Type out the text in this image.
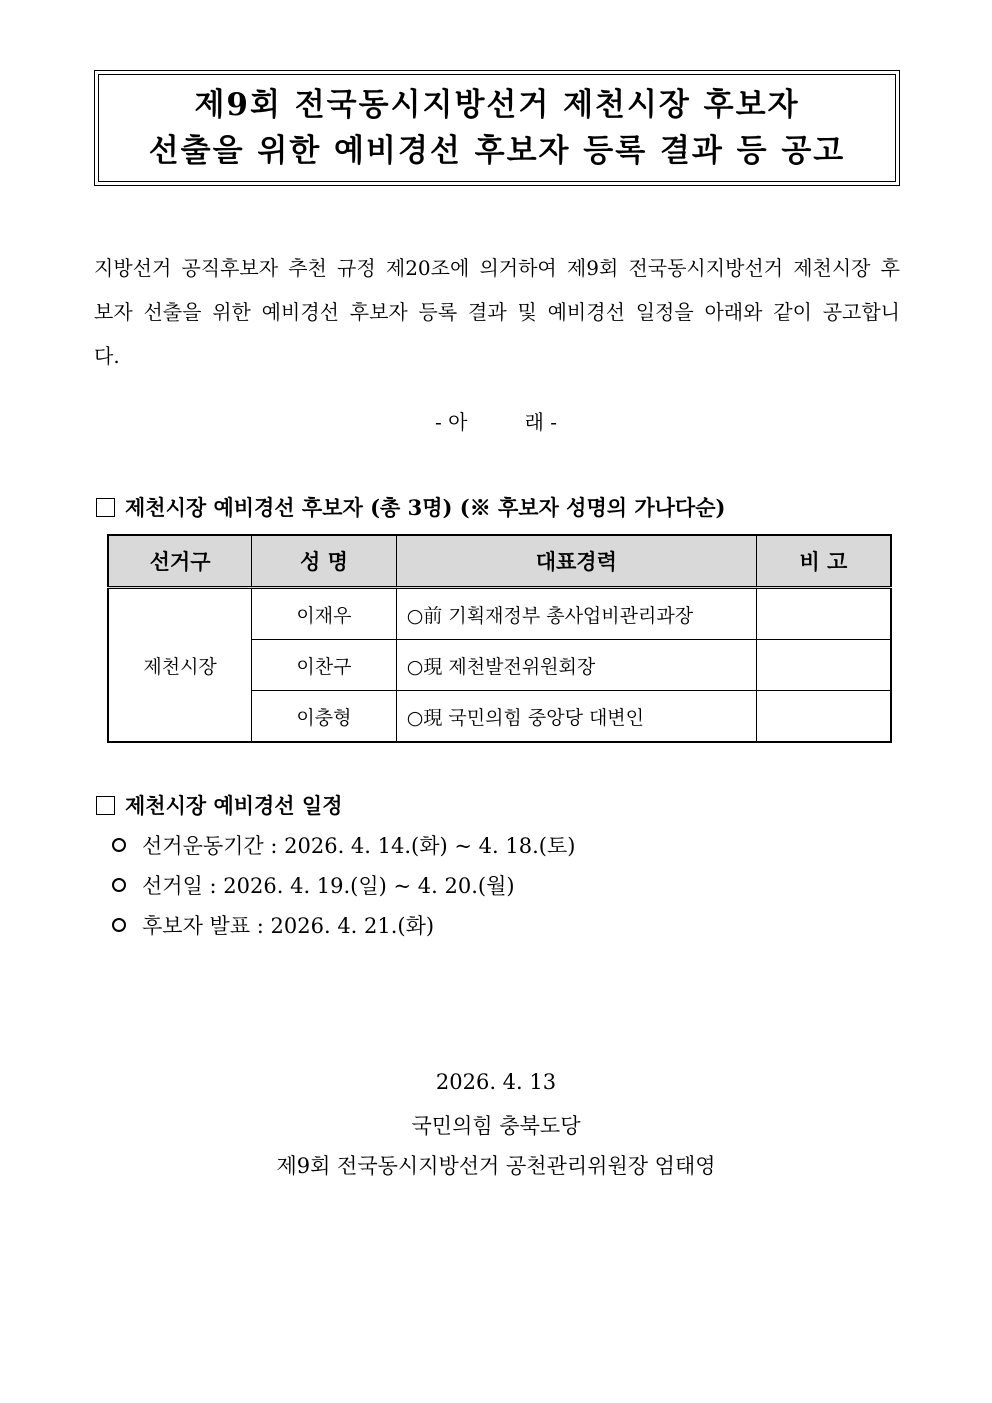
제9회 전국동시지방선거 제천시장 후보자
선출을 위한 예비경선 후보자 등록 결과 등 공고
지방선거 공직후보자 추천 규정 제20조에 의거하여 제9회 전국동시지방선거 제천시장 후보자 선출을 위한 예비경선 후보자 등록 결과 및 예비경선 일정을 아래와 같이 공고합니다.
- 아         래 -
제천시장 예비경선 후보자 (총 3명) (※ 후보자 성명의 가나다순)
선거구	성 명	대표경력	비 고
제천시장	이재우	○前 기획재정부 총사업비관리과장	
	이찬구	○現 제천발전위원회장	
	이충형	○現 국민의힘 중앙당 대변인	
제천시장 예비경선 일정
선거운동기간 : 2026. 4. 14.(화) ~ 4. 18.(토)
선거일 : 2026. 4. 19.(일) ~ 4. 20.(월)
후보자 발표 : 2026. 4. 21.(화)
2026. 4. 13
국민의힘 충북도당
제9회 전국동시지방선거 공천관리위원장 엄태영
